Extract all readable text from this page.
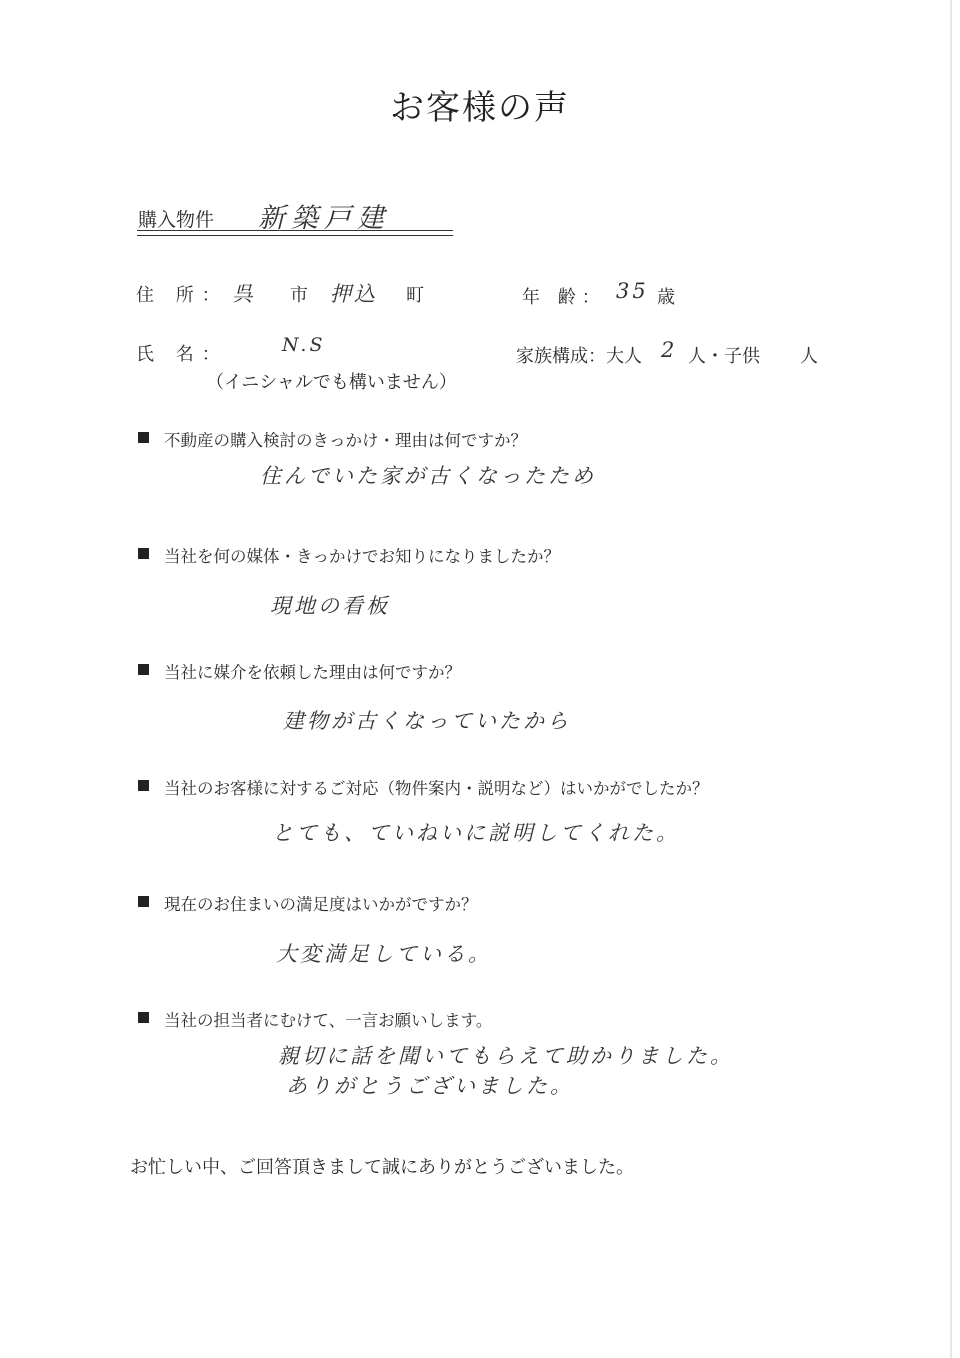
お客様の声
購入物件 新築戸建
住 所： 呉 市 押込 町	年 齢： 35 歳
氏 名：	N.S
（イニシャルでも構いません）
家族構成：大人 2 人・子供 人
不動産の購入検討のきっかけ・理由は何ですか？
住んでいた家が古くなったため
当社を何の媒体・きっかけでお知りになりましたか？
現地の看板
当社に媒介を依頼した理由は何ですか？
建物が古くなっていたから
当社のお客様に対するご対応（物件案内・説明など）はいかがでしたか？
とても、ていねいに説明してくれた。
現在のお住まいの満足度はいかがですか？
大変満足している。
当社の担当者にむけて、一言お願いします。
親切に話を聞いてもらえて助かりました。
ありがとうございました。
お忙しい中、ご回答頂きまして誠にありがとうございました。
